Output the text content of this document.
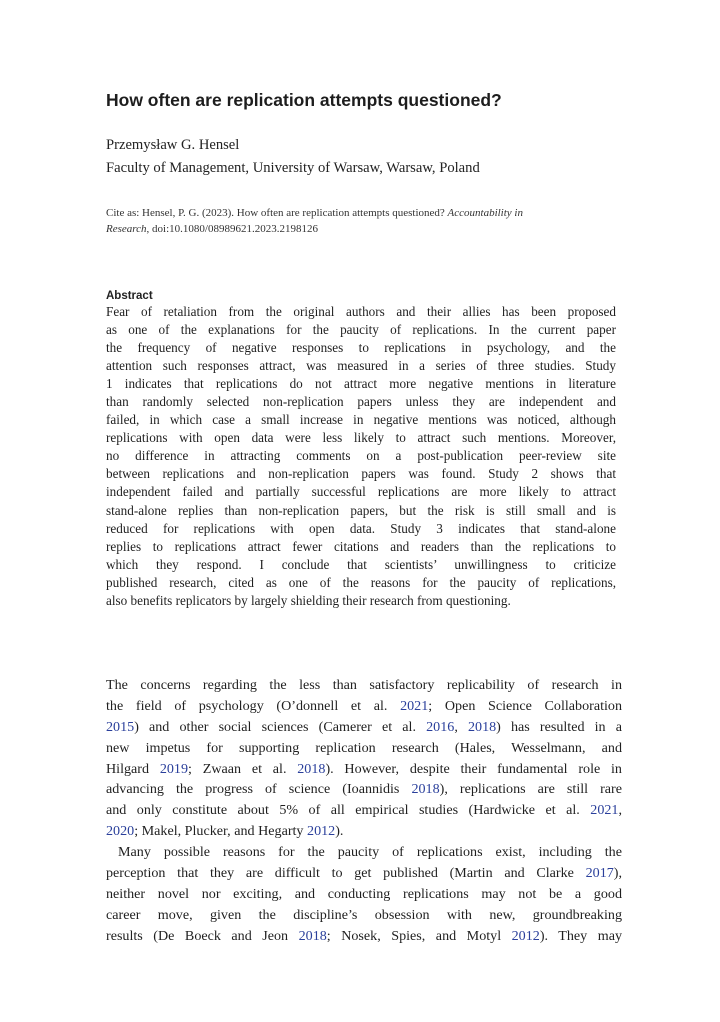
How often are replication attempts questioned?
Przemysław G. Hensel
Faculty of Management, University of Warsaw, Warsaw, Poland
Cite as: Hensel, P. G. (2023). How often are replication attempts questioned? Accountability in
Research, doi:10.1080/08989621.2023.2198126
Abstract
Fear of retaliation from the original authors and their allies has been proposed
as one of the explanations for the paucity of replications. In the current paper
the frequency of negative responses to replications in psychology, and the
attention such responses attract, was measured in a series of three studies. Study
1 indicates that replications do not attract more negative mentions in literature
than randomly selected non-replication papers unless they are independent and
failed, in which case a small increase in negative mentions was noticed, although
replications with open data were less likely to attract such mentions. Moreover,
no difference in attracting comments on a post-publication peer-review site
between replications and non-replication papers was found. Study 2 shows that
independent failed and partially successful replications are more likely to attract
stand-alone replies than non-replication papers, but the risk is still small and is
reduced for replications with open data. Study 3 indicates that stand-alone
replies to replications attract fewer citations and readers than the replications to
which they respond. I conclude that scientists’ unwillingness to criticize
published research, cited as one of the reasons for the paucity of replications,
also benefits replicators by largely shielding their research from questioning.
The concerns regarding the less than satisfactory replicability of research in
the field of psychology (O’donnell et al. 2021; Open Science Collaboration
2015) and other social sciences (Camerer et al. 2016, 2018) has resulted in a
new impetus for supporting replication research (Hales, Wesselmann, and
Hilgard 2019; Zwaan et al. 2018). However, despite their fundamental role in
advancing the progress of science (Ioannidis 2018), replications are still rare
and only constitute about 5% of all empirical studies (Hardwicke et al. 2021,
2020; Makel, Plucker, and Hegarty 2012).
Many possible reasons for the paucity of replications exist, including the
perception that they are difficult to get published (Martin and Clarke 2017),
neither novel nor exciting, and conducting replications may not be a good
career move, given the discipline’s obsession with new, groundbreaking
results (De Boeck and Jeon 2018; Nosek, Spies, and Motyl 2012). They may
